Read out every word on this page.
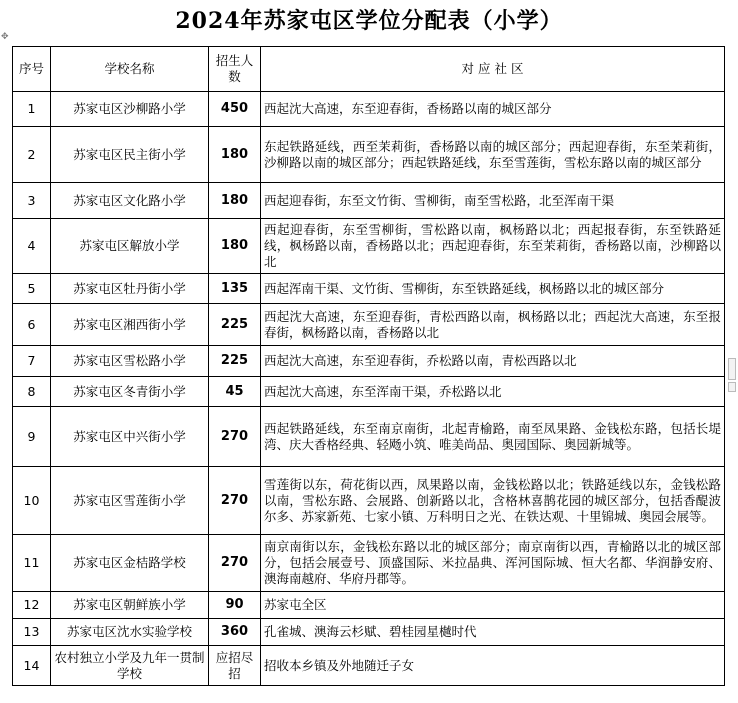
2024年苏家屯区学位分配表（小学）
✥
序号	学校名称	招生人数	对 应 社 区
1	苏家屯区沙柳路小学	450	西起沈大高速，东至迎春街，香杨路以南的城区部分
2	苏家屯区民主街小学	180	东起铁路延线，西至茉莉街，香杨路以南的城区部分；西起迎春街，东至茉莉街，沙柳路以南的城区部分；西起铁路延线，东至雪莲街，雪松东路以南的城区部分
3	苏家屯区文化路小学	180	西起迎春街，东至文竹街、雪柳街，南至雪松路，北至浑南干渠
4	苏家屯区解放小学	180	西起迎春街，东至雪柳街，雪松路以南，枫杨路以北；西起报春街，东至铁路延线，枫杨路以南，香杨路以北；西起迎春街，东至茉莉街，香杨路以南，沙柳路以北
5	苏家屯区牡丹街小学	135	西起浑南干渠、文竹街、雪柳街，东至铁路延线，枫杨路以北的城区部分
6	苏家屯区湘西街小学	225	西起沈大高速，东至迎春街，青松西路以南，枫杨路以北；西起沈大高速，东至报春街，枫杨路以南，香杨路以北
7	苏家屯区雪松路小学	225	西起沈大高速，东至迎春街，乔松路以南，青松西路以北
8	苏家屯区冬青街小学	45	西起沈大高速，东至浑南干渠，乔松路以北
9	苏家屯区中兴街小学	270	西起铁路延线，东至南京南街，北起青榆路，南至凤果路、金钱松东路，包括长堤湾、庆大香格经典、轻飏小筑、唯美尚品、奥园国际、奥园新城等。
10	苏家屯区雪莲街小学	270	雪莲街以东，荷花街以西，凤果路以南，金钱松路以北；铁路延线以东，金钱松路以南，雪松东路、会展路、创新路以北，含格林喜鹊花园的城区部分，包括香醍波尔多、苏家新苑、七家小镇、万科明日之光、在铁达观、十里锦城、奥园会展等。
11	苏家屯区金桔路学校	270	南京南街以东，金钱松东路以北的城区部分；南京南街以西，青榆路以北的城区部分，包括会展壹号、顶盛国际、米拉晶典、浑河国际城、恒大名都、华润静安府、澳海南越府、华府丹郡等。
12	苏家屯区朝鲜族小学	90	苏家屯全区
13	苏家屯区沈水实验学校	360	孔雀城、澳海云杉赋、碧桂园星樾时代
14	农村独立小学及九年一贯制学校	应招尽招	招收本乡镇及外地随迁子女
